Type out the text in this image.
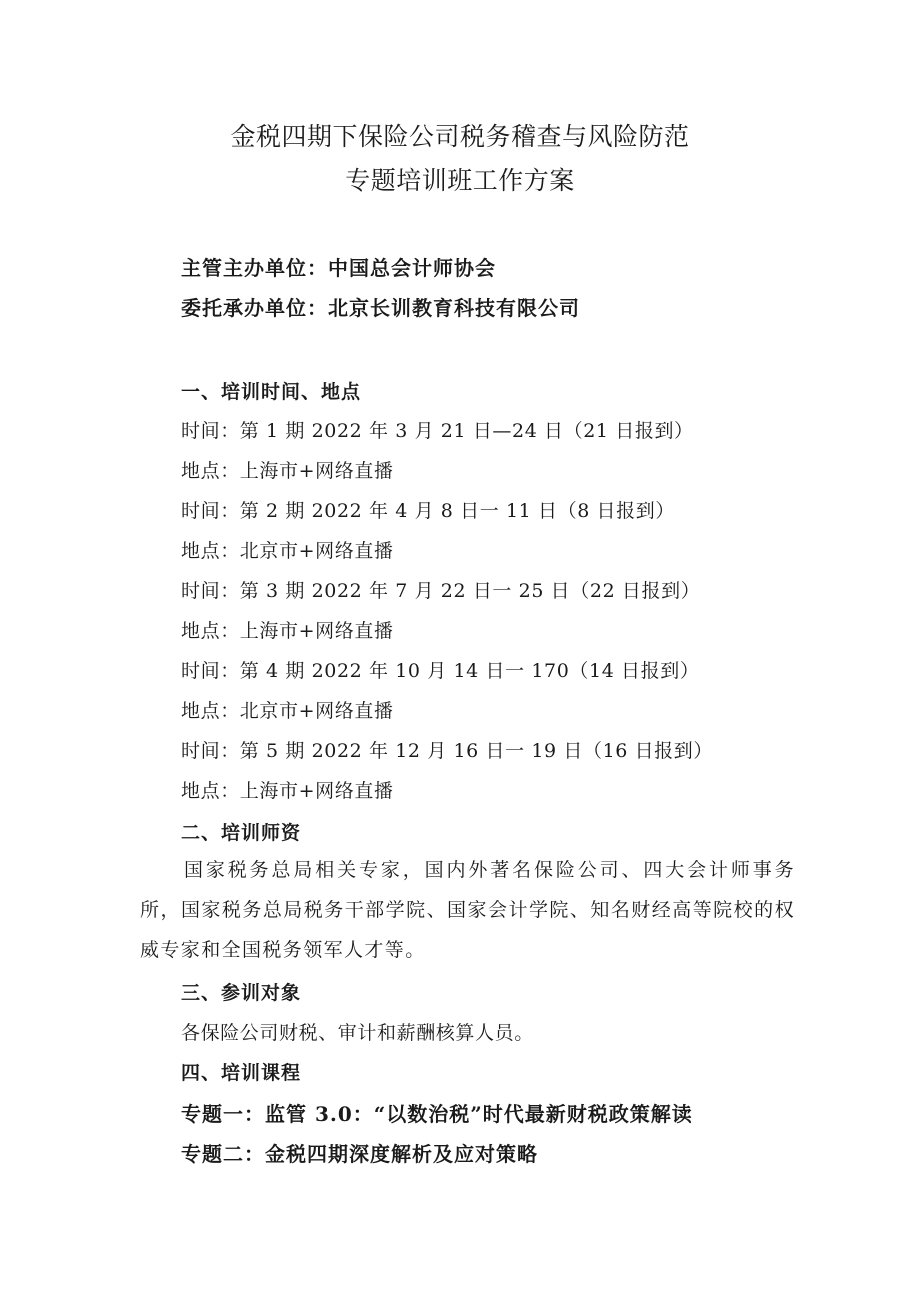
金税四期下保险公司税务稽查与风险防范
专题培训班工作方案
主管主办单位：中国总会计师协会
委托承办单位：北京长训教育科技有限公司
一、培训时间、地点
时间：第 1 期 2022 年 3 月 21 日—24 日（21 日报到）
地点：上海市+网络直播
时间：第 2 期 2022 年 4 月 8 日一 11 日（8 日报到）
地点：北京市+网络直播
时间：第 3 期 2022 年 7 月 22 日一 25 日（22 日报到）
地点：上海市+网络直播
时间：第 4 期 2022 年 10 月 14 日一 170（14 日报到）
地点：北京市+网络直播
时间：第 5 期 2022 年 12 月 16 日一 19 日（16 日报到）
地点：上海市+网络直播
二、培训师资
国家税务总局相关专家，国内外著名保险公司、四大会计师事务所，国家税务总局税务干部学院、国家会计学院、知名财经高等院校的权威专家和全国税务领军人才等。
三、参训对象
各保险公司财税、审计和薪酬核算人员。
四、培训课程
专题一：监管 3.0：“以数治税”时代最新财税政策解读
专题二：金税四期深度解析及应对策略
